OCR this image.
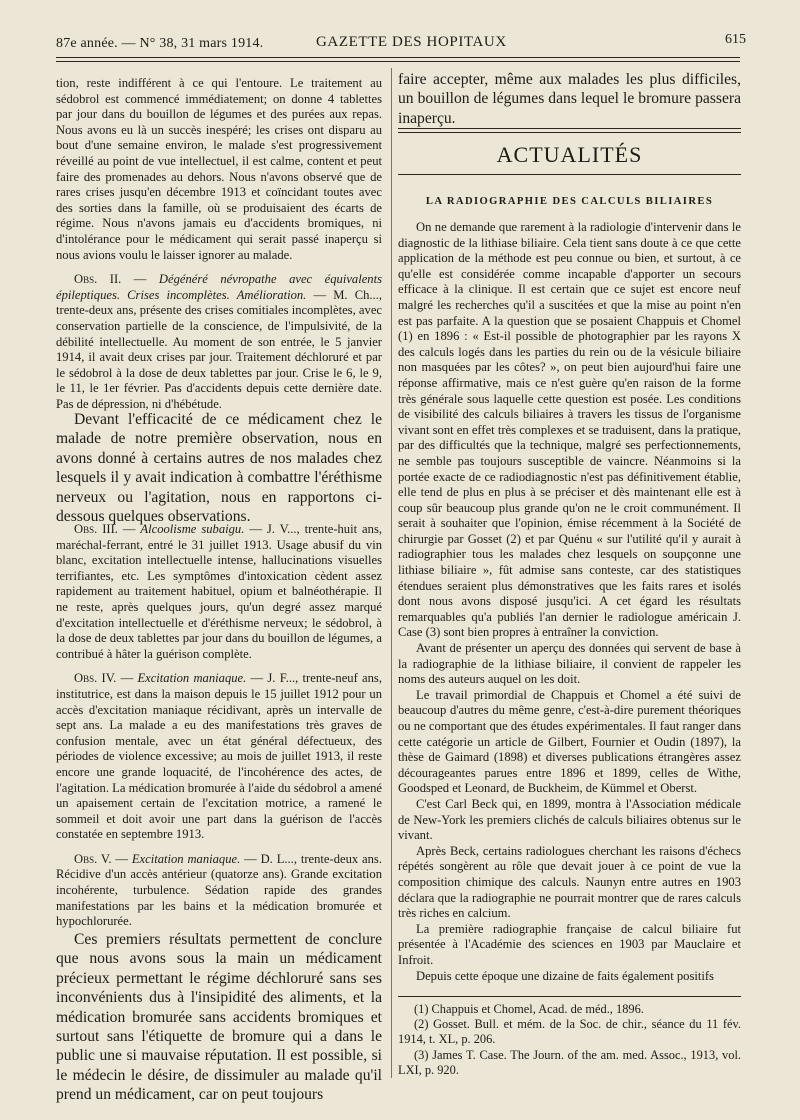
87e année. — N° 38, 31 mars 1914.	GAZETTE DES HOPITAUX	615

tion, reste indifférent à ce qui l'entoure. Le traitement au sédobrol est commencé immédiatement; on donne 4 tablettes par jour dans du bouillon de légumes et des purées aux repas. Nous avons eu là un succès inespéré; les crises ont disparu au bout d'une semaine environ, le malade s'est progressivement réveillé au point de vue intellectuel, il est calme, content et peut faire des promenades au dehors. Nous n'avons observé que de rares crises jusqu'en décembre 1913 et coïncidant toutes avec des sorties dans la famille, où se produisaient des écarts de régime. Nous n'avons jamais eu d'accidents bromiques, ni d'intolérance pour le médicament qui serait passé inaperçu si nous avions voulu le laisser ignorer au malade.

Obs. II. — Dégénéré névropathe avec équivalents épileptiques. Crises incomplètes. Amélioration. — M. Ch..., trente-deux ans, présente des crises comitiales incomplètes, avec conservation partielle de la conscience, de l'impulsivité, de la débilité intellectuelle. Au moment de son entrée, le 5 janvier 1914, il avait deux crises par jour. Traitement déchloruré et par le sédobrol à la dose de deux tablettes par jour. Crise le 6, le 9, le 11, le 1er février. Pas d'accidents depuis cette dernière date. Pas de dépression, ni d'hébétude.

Devant l'efficacité de ce médicament chez le malade de notre première observation, nous en avons donné à certains autres de nos malades chez lesquels il y avait indication à combattre l'éréthisme nerveux ou l'agitation, nous en rapportons ci-dessous quelques observations.

Obs. III. — Alcoolisme subaigu. — J. V..., trente-huit ans, maréchal-ferrant, entré le 31 juillet 1913. Usage abusif du vin blanc, excitation intellectuelle intense, hallucinations visuelles terrifiantes, etc. Les symptômes d'intoxication cèdent assez rapidement au traitement habituel, opium et balnéothérapie. Il ne reste, après quelques jours, qu'un degré assez marqué d'excitation intellectuelle et d'éréthisme nerveux; le sédobrol, à la dose de deux tablettes par jour dans du bouillon de légumes, a contribué à hâter la guérison complète.

Obs. IV. — Excitation maniaque. — J. F..., trente-neuf ans, institutrice, est dans la maison depuis le 15 juillet 1912 pour un accès d'excitation maniaque récidivant, après un intervalle de sept ans. La malade a eu des manifestations très graves de confusion mentale, avec un état général défectueux, des périodes de violence excessive; au mois de juillet 1913, il reste encore une grande loquacité, de l'incohérence des actes, de l'agitation. La médication bromurée à l'aide du sédobrol a amené un apaisement certain de l'excitation motrice, a ramené le sommeil et doit avoir une part dans la guérison de l'accès constatée en septembre 1913.

Obs. V. — Excitation maniaque. — D. L..., trente-deux ans. Récidive d'un accès antérieur (quatorze ans). Grande excitation incohérente, turbulence. Sédation rapide des grandes manifestations par les bains et la médication bromurée et hypochlorurée.

Ces premiers résultats permettent de conclure que nous avons sous la main un médicament précieux permettant le régime déchloruré sans ses inconvénients dus à l'insipidité des aliments, et la médication bromurée sans accidents bromiques et surtout sans l'étiquette de bromure qui a dans le public une si mauvaise réputation. Il est possible, si le médecin le désire, de dissimuler au malade qu'il prend un médicament, car on peut toujours
faire accepter, même aux malades les plus difficiles, un bouillon de légumes dans lequel le bromure passera inaperçu.
ACTUALITÉS
LA RADIOGRAPHIE DES CALCULS BILIAIRES

On ne demande que rarement à la radiologie d'intervenir dans le diagnostic de la lithiase biliaire. Cela tient sans doute à ce que cette application de la méthode est peu connue ou bien, et surtout, à ce qu'elle est considérée comme incapable d'apporter un secours efficace à la clinique. Il est certain que ce sujet est encore neuf malgré les recherches qu'il a suscitées et que la mise au point n'en est pas parfaite. A la question que se posaient Chappuis et Chomel (1) en 1896 : « Est-il possible de photographier par les rayons X des calculs logés dans les parties du rein ou de la vésicule biliaire non masquées par les côtes? », on peut bien aujourd'hui faire une réponse affirmative, mais ce n'est guère qu'en raison de la forme très générale sous laquelle cette question est posée. Les conditions de visibilité des calculs biliaires à travers les tissus de l'organisme vivant sont en effet très complexes et se traduisent, dans la pratique, par des difficultés que la technique, malgré ses perfectionnements, ne semble pas toujours susceptible de vaincre. Néanmoins si la portée exacte de ce radiodiagnostic n'est pas définitivement établie, elle tend de plus en plus à se préciser et dès maintenant elle est à coup sûr beaucoup plus grande qu'on ne le croit communément. Il serait à souhaiter que l'opinion, émise récemment à la Société de chirurgie par Gosset (2) et par Quénu « sur l'utilité qu'il y aurait à radiographier tous les malades chez lesquels on soupçonne une lithiase biliaire », fût admise sans conteste, car des statistiques étendues seraient plus démonstratives que les faits rares et isolés dont nous avons disposé jusqu'ici. A cet égard les résultats remarquables qu'a publiés l'an dernier le radiologue américain J. Case (3) sont bien propres à entraîner la conviction.

Avant de présenter un aperçu des données qui servent de base à la radiographie de la lithiase biliaire, il convient de rappeler les noms des auteurs auquel on les doit.

Le travail primordial de Chappuis et Chomel a été suivi de beaucoup d'autres du même genre, c'est-à-dire purement théoriques ou ne comportant que des études expérimentales. Il faut ranger dans cette catégorie un article de Gilbert, Fournier et Oudin (1897), la thèse de Gaimard (1898) et diverses publications étrangères assez décourageantes parues entre 1896 et 1899, celles de Withe, Goodsped et Leonard, de Buckheim, de Kümmel et Oberst.

C'est Carl Beck qui, en 1899, montra à l'Association médicale de New-York les premiers clichés de calculs biliaires obtenus sur le vivant.

Après Beck, certains radiologues cherchant les raisons d'échecs répétés songèrent au rôle que devait jouer à ce point de vue la composition chimique des calculs. Naunyn entre autres en 1903 déclara que la radiographie ne pourrait montrer que de rares calculs très riches en calcium.

La première radiographie française de calcul biliaire fut présentée à l'Académie des sciences en 1903 par Mauclaire et Infroit.

Depuis cette époque une dizaine de faits également positifs

(1) Chappuis et Chomel, Acad. de méd., 1896.

(2) Gosset. Bull. et mém. de la Soc. de chir., séance du 11 fév. 1914, t. XL, p. 206.

(3) James T. Case. The Journ. of the am. med. Assoc., 1913, vol. LXI, p. 920.
